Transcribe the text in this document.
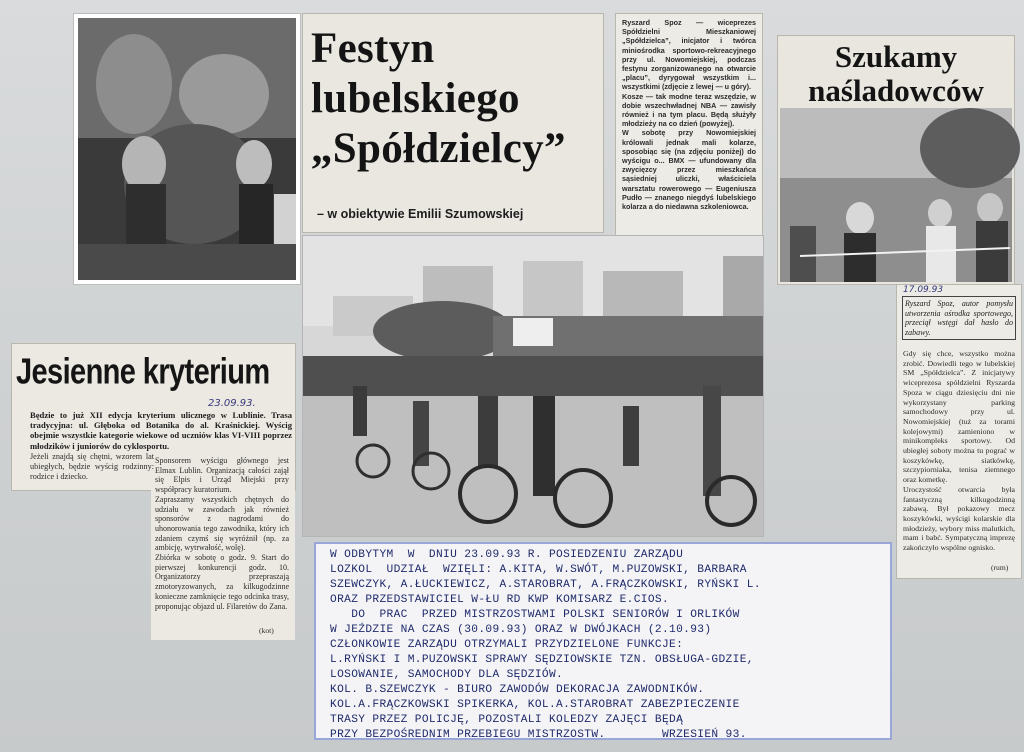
Festyn
lubelskiego
„Spółdzielcy”
– w obiektywie Emilii Szumowskiej
Ryszard Spoz — wiceprezes Spółdzielni Mieszkaniowej „Spółdzielca”, inicjator i twórca miniośrodka sportowo-rekreacyjnego przy ul. Nowomiejskiej, podczas festynu zorganizowanego na otwarcie „placu”, dyrygował wszystkim i... wszystkimi (zdjęcie z lewej — u góry).
Kosze — tak modne teraz wszędzie, w dobie wszechwładnej NBA — zawisły również i na tym placu. Będą służyły młodzieży na co dzień (powyżej).
W sobotę przy Nowomiejskiej królowali jednak mali kolarze, sposobiąc się (na zdjęciu poniżej) do wyścigu o... BMX — ufundowany dla zwycięzcy przez mieszkańca sąsiedniej uliczki, właściciela warsztatu rowerowego — Eugeniusza Pudło — znanego niegdyś lubelskiego kolarza a do niedawna szkoleniowca.
Szukamy
naśladowców
17.09.93
Ryszard Spoz, autor pomysłu utworzenia ośrodka sportowego, przeciął wstęgi dał hasło do zabawy.
Gdy się chce, wszystko można zrobić. Dowiedli tego w lubelskiej SM „Spółdzielca”. Z inicjatywy wiceprezesa spółdzielni Ryszarda Spoza w ciągu dziesięciu dni nie wykorzystany parking samochodowy przy ul. Nowomiejskiej (tuż za torami kolejowymi) zamieniono w minikompleks sportowy. Od ubiegłej soboty można tu pograć w koszykówkę, siatkówkę, szczypiorniaka, tenisa ziemnego oraz kometkę.
Uroczystość otwarcia była fantastyczną kilkugodzinną zabawą. Był pokazowy mecz koszykówki, wyścigi kolarskie dla młodzieży, wybory miss malutkich, mam i babć. Sympatyczną imprezę zakończyło wspólne ognisko.
(rum)
Jesienne kryterium
23.09.93.
Będzie to już XII edycja kryterium ulicznego w Lublinie. Trasa tradycyjna: ul. Głęboka od Botanika do al. Kraśnickiej. Wyścig obejmie wszystkie kategorie wiekowe od uczniów klas VI-VIII poprzez młodzików i juniorów do cyklosportu.
Jeżeli znajdą się chętni, wzorem lat ubiegłych, będzie wyścig rodzinny: rodzice i dziecko.
Sponsorem wyścigu głównego jest Elmax Lublin. Organizacją całości zajął się Elpis i Urząd Miejski przy współpracy kuratorium.
Zapraszamy wszystkich chętnych do udziału w zawodach jak również sponsorów z nagrodami do uhonorowania tego zawodnika, który ich zdaniem czymś się wyróżnił (np. za ambicję, wytrwałość, wolę).
Zbiórka w sobotę o godz. 9. Start do pierwszej konkurencji godz. 10. Organizatorzy przepraszają zmotoryzowanych, za kilkugodzinne konieczne zamknięcie tego odcinka trasy, proponując objazd ul. Filaretów do Zana.
(kot)
W ODBYTYM  W  DNIU 23.09.93 R. POSIEDZENIU ZARZĄDU
LOZKOL  UDZIAŁ  WZIĘLI: A.KITA, W.SWÓT, M.PUZOWSKI, BARBARA
SZEWCZYK, A.ŁUCKIEWICZ, A.STAROBRAT, A.FRĄCZKOWSKI, RYŃSKI L.
ORAZ PRZEDSTAWICIEL W-ŁU RD KWP KOMISARZ E.CIOS.
DO  PRAC  PRZED MISTRZOSTWAMI POLSKI SENIORÓW I ORLIKÓW
W JEŹDZIE NA CZAS (30.09.93) ORAZ W DWÓJKACH (2.10.93)
CZŁONKOWIE ZARZĄDU OTRZYMALI PRZYDZIELONE FUNKCJE:
L.RYŃSKI I M.PUZOWSKI SPRAWY SĘDZIOWSKIE TZN. OBSŁUGA-GDZIE,
LOSOWANIE, SAMOCHODY DLA SĘDZIÓW.
KOL. B.SZEWCZYK - BIURO ZAWODÓW DEKORACJA ZAWODNIKÓW.
KOL.A.FRĄCZKOWSKI SPIKERKA, KOL.A.STAROBRAT ZABEZPIECZENIE
TRASY PRZEZ POLICJĘ, POZOSTALI KOLEDZY ZAJĘCI BĘDĄ
PRZY BEZPOŚREDNIM PRZEBIEGU MISTRZOSTW.        WRZESIEŃ 93.
